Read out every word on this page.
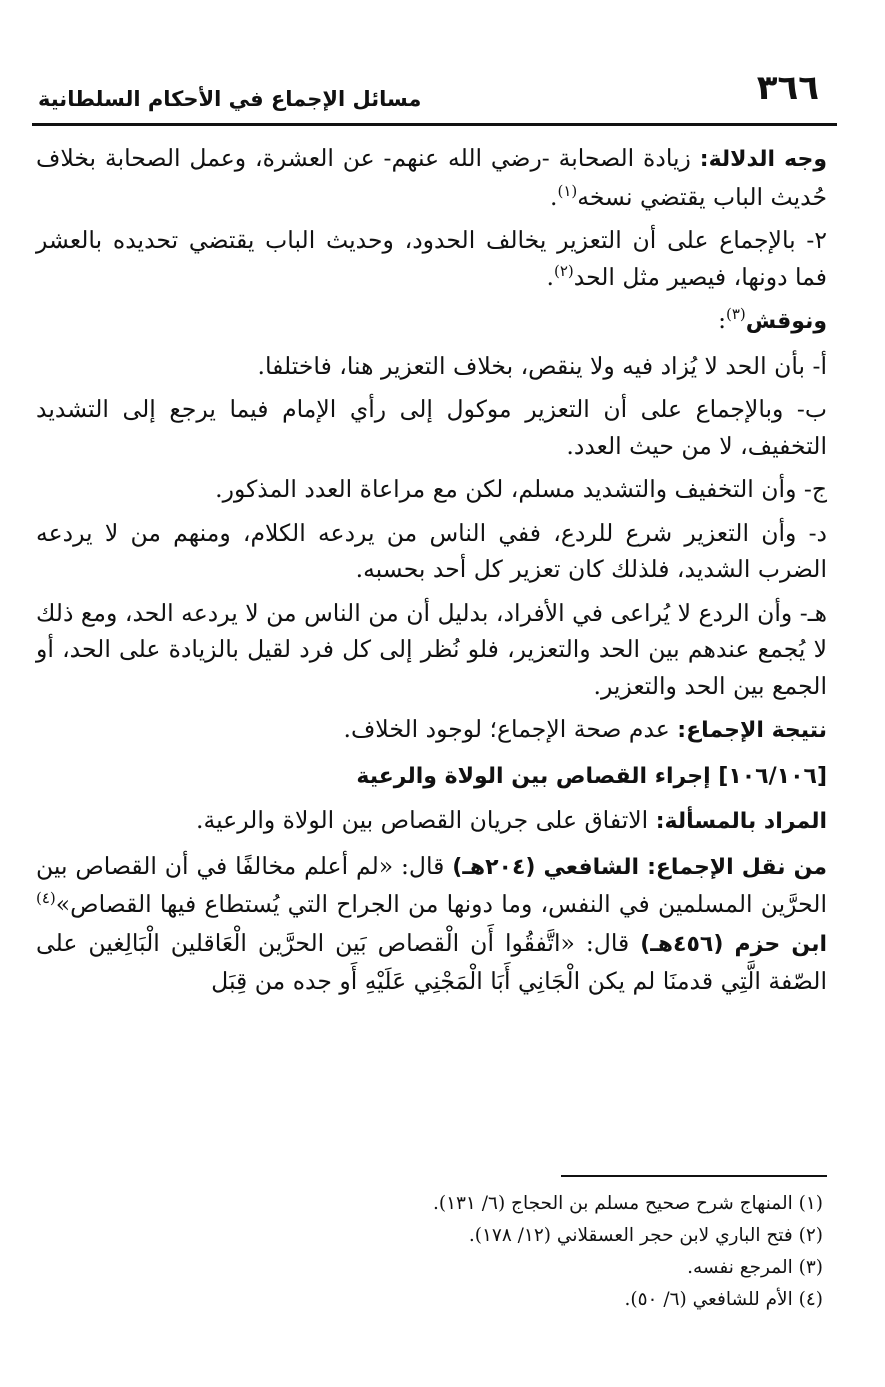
٣٦٦
مسائل الإجماع في الأحكام السلطانية

وجه الدلالة: زيادة الصحابة -رضي الله عنهم- عن العشرة، وعمل الصحابة بخلاف حُديث الباب يقتضي نسخه$^{(١)}$.

٢- بالإجماع على أن التعزير يخالف الحدود، وحديث الباب يقتضي تحديده بالعشر فما دونها، فيصير مثل الحد$^{(٢)}$.

ونوقش$^{(٣)}$:

أ- بأن الحد لا يُزاد فيه ولا ينقص، بخلاف التعزير هنا، فاختلفا.

ب- وبالإجماع على أن التعزير موكول إلى رأي الإمام فيما يرجع إلى التشديد التخفيف، لا من حيث العدد.

ج- وأن التخفيف والتشديد مسلم، لكن مع مراعاة العدد المذكور.

د- وأن التعزير شرع للردع، ففي الناس من يردعه الكلام، ومنهم من لا يردعه الضرب الشديد، فلذلك كان تعزير كل أحد بحسبه.

هـ- وأن الردع لا يُراعى في الأفراد، بدليل أن من الناس من لا يردعه الحد، ومع ذلك لا يُجمع عندهم بين الحد والتعزير، فلو نُظر إلى كل فرد لقيل بالزيادة على الحد، أو الجمع بين الحد والتعزير.

نتيجة الإجماع: عدم صحة الإجماع؛ لوجود الخلاف.

[١٠٦/١٠٦] إجراء القصاص بين الولاة والرعية

المراد بالمسألة: الاتفاق على جريان القصاص بين الولاة والرعية.

من نقل الإجماع: الشافعي (٢٠٤هـ) قال: «لم أعلم مخالفًا في أن القصاص بين الحرَّين المسلمين في النفس، وما دونها من الجراح التي يُستطاع فيها القصاص»$^{(٤)}$ ابن حزم (٤٥٦هـ) قال: «اتَّفقُوا أَن الْقصاص بَين الحرَّين الْعَاقلين الْبَالِغين على الصّفة الَّتِي قدمنَا لم يكن الْجَانِي أَبَا الْمَجْنِي عَلَيْهِ أَو جده من قِبَل

(١) المنهاج شرح صحيح مسلم بن الحجاج (٦/ ١٣١).

(٢) فتح الباري لابن حجر العسقلاني (١٢/ ١٧٨).

(٣) المرجع نفسه.

(٤) الأم للشافعي (٦/ ٥٠).
